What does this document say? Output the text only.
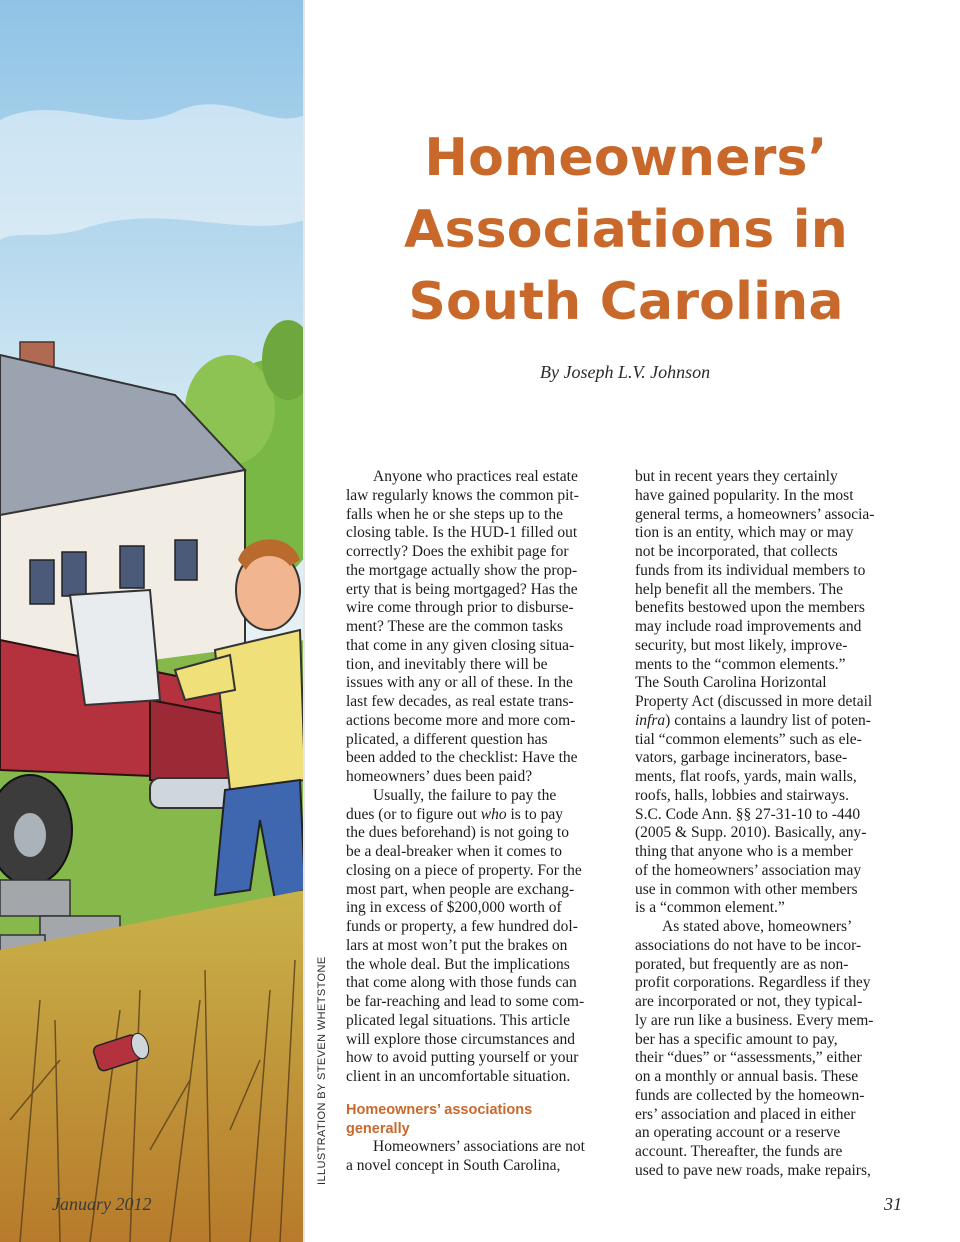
ILLUSTRATION BY STEVEN WHETSTONE
January 2012
Homeowners’
Associations in
South Carolina
By Joseph L.V. Johnson
Anyone who practices real estate
law regularly knows the common pit-
falls when he or she steps up to the
closing table. Is the HUD-1 filled out
correctly? Does the exhibit page for
the mortgage actually show the prop-
erty that is being mortgaged? Has the
wire come through prior to disburse-
ment? These are the common tasks
that come in any given closing situa-
tion, and inevitably there will be
issues with any or all of these. In the
last few decades, as real estate trans-
actions become more and more com-
plicated, a different question has
been added to the checklist: Have the
homeowners’ dues been paid?
Usually, the failure to pay the
dues (or to figure out who is to pay
the dues beforehand) is not going to
be a deal-breaker when it comes to
closing on a piece of property. For the
most part, when people are exchang-
ing in excess of $200,000 worth of
funds or property, a few hundred dol-
lars at most won’t put the brakes on
the whole deal. But the implications
that come along with those funds can
be far-reaching and lead to some com-
plicated legal situations. This article
will explore those circumstances and
how to avoid putting yourself or your
client in an uncomfortable situation.
Homeowners’ associations
generally
Homeowners’ associations are not
a novel concept in South Carolina,
but in recent years they certainly
have gained popularity. In the most
general terms, a homeowners’ associa-
tion is an entity, which may or may
not be incorporated, that collects
funds from its individual members to
help benefit all the members. The
benefits bestowed upon the members
may include road improvements and
security, but most likely, improve-
ments to the “common elements.”
The South Carolina Horizontal
Property Act (discussed in more detail
infra) contains a laundry list of poten-
tial “common elements” such as ele-
vators, garbage incinerators, base-
ments, flat roofs, yards, main walls,
roofs, halls, lobbies and stairways.
S.C. Code Ann. §§ 27-31-10 to -440
(2005 & Supp. 2010). Basically, any-
thing that anyone who is a member
of the homeowners’ association may
use in common with other members
is a “common element.”
As stated above, homeowners’
associations do not have to be incor-
porated, but frequently are as non-
profit corporations. Regardless if they
are incorporated or not, they typical-
ly are run like a business. Every mem-
ber has a specific amount to pay,
their “dues” or “assessments,” either
on a monthly or annual basis. These
funds are collected by the homeown-
ers’ association and placed in either
an operating account or a reserve
account. Thereafter, the funds are
used to pave new roads, make repairs,
31
